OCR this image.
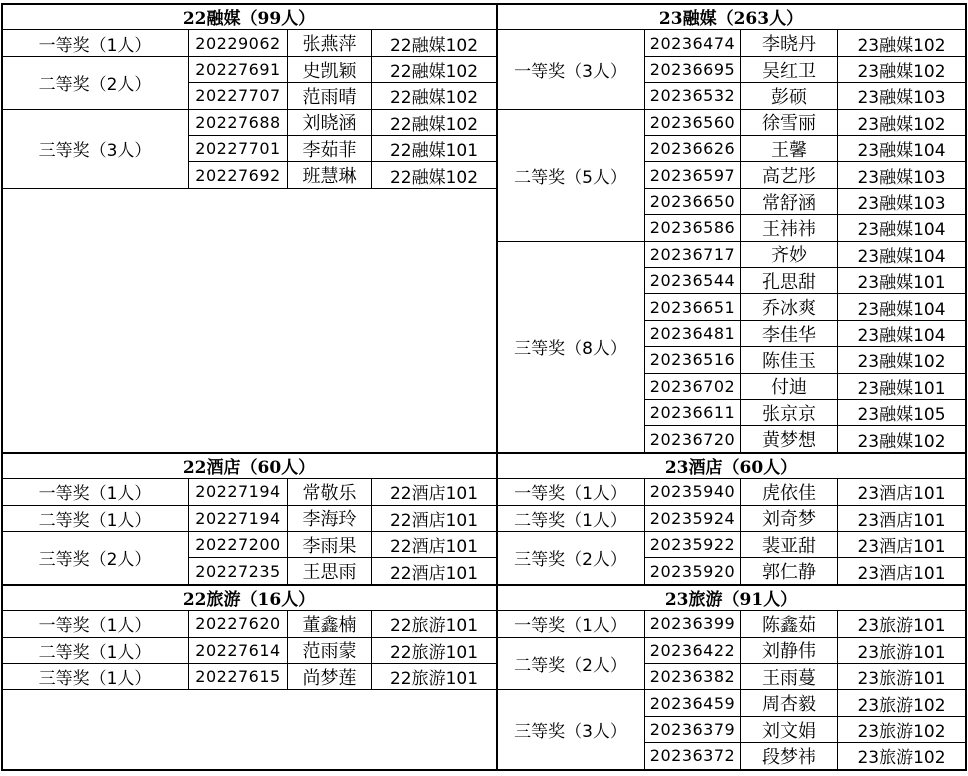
22融媒（99人）
一等奖（1人）	20229062	张燕萍	22融媒102
二等奖（2人）
20227691	史凯颖	22融媒102
20227707	范雨晴	22融媒102
三等奖（3人）
20227688	刘晓涵	22融媒102
20227701	李茹菲	22融媒101
20227692	班慧琳	22融媒102
23融媒（263人）
一等奖（3人）
20236474	李晓丹	23融媒102
20236695	吴红卫	23融媒102
20236532	彭硕	23融媒103
二等奖（5人）
20236560	徐雪丽	23融媒102
20236626	王馨	23融媒104
20236597	高艺彤	23融媒103
20236650	常舒涵	23融媒103
20236586	王祎祎	23融媒104
三等奖（8人）
20236717	齐妙	23融媒104
20236544	孔思甜	23融媒101
20236651	乔冰爽	23融媒104
20236481	李佳华	23融媒104
20236516	陈佳玉	23融媒102
20236702	付迪	23融媒101
20236611	张京京	23融媒105
20236720	黄梦想	23融媒102
22酒店（60人）
一等奖（1人）	20227194	常敬乐	22酒店101
二等奖（1人）	20227194	李海玲	22酒店101
三等奖（2人）
20227200	李雨果	22酒店101
20227235	王思雨	22酒店101
23酒店（60人）
一等奖（1人）	20235940	虎依佳	23酒店101
二等奖（1人）	20235924	刘奇梦	23酒店101
三等奖（2人）
20235922	裴亚甜	23酒店101
20235920	郭仁静	23酒店101
22旅游（16人）
一等奖（1人）	20227620	董鑫楠	22旅游101
二等奖（1人）	20227614	范雨蒙	22旅游101
三等奖（1人）	20227615	尚梦莲	22旅游101
23旅游（91人）
一等奖（1人）	20236399	陈鑫茹	23旅游101
二等奖（2人）
20236422	刘静伟	23旅游101
20236382	王雨蔓	23旅游101
三等奖（3人）
20236459	周杏毅	23旅游102
20236379	刘文娟	23旅游102
20236372	段梦祎	23旅游102
